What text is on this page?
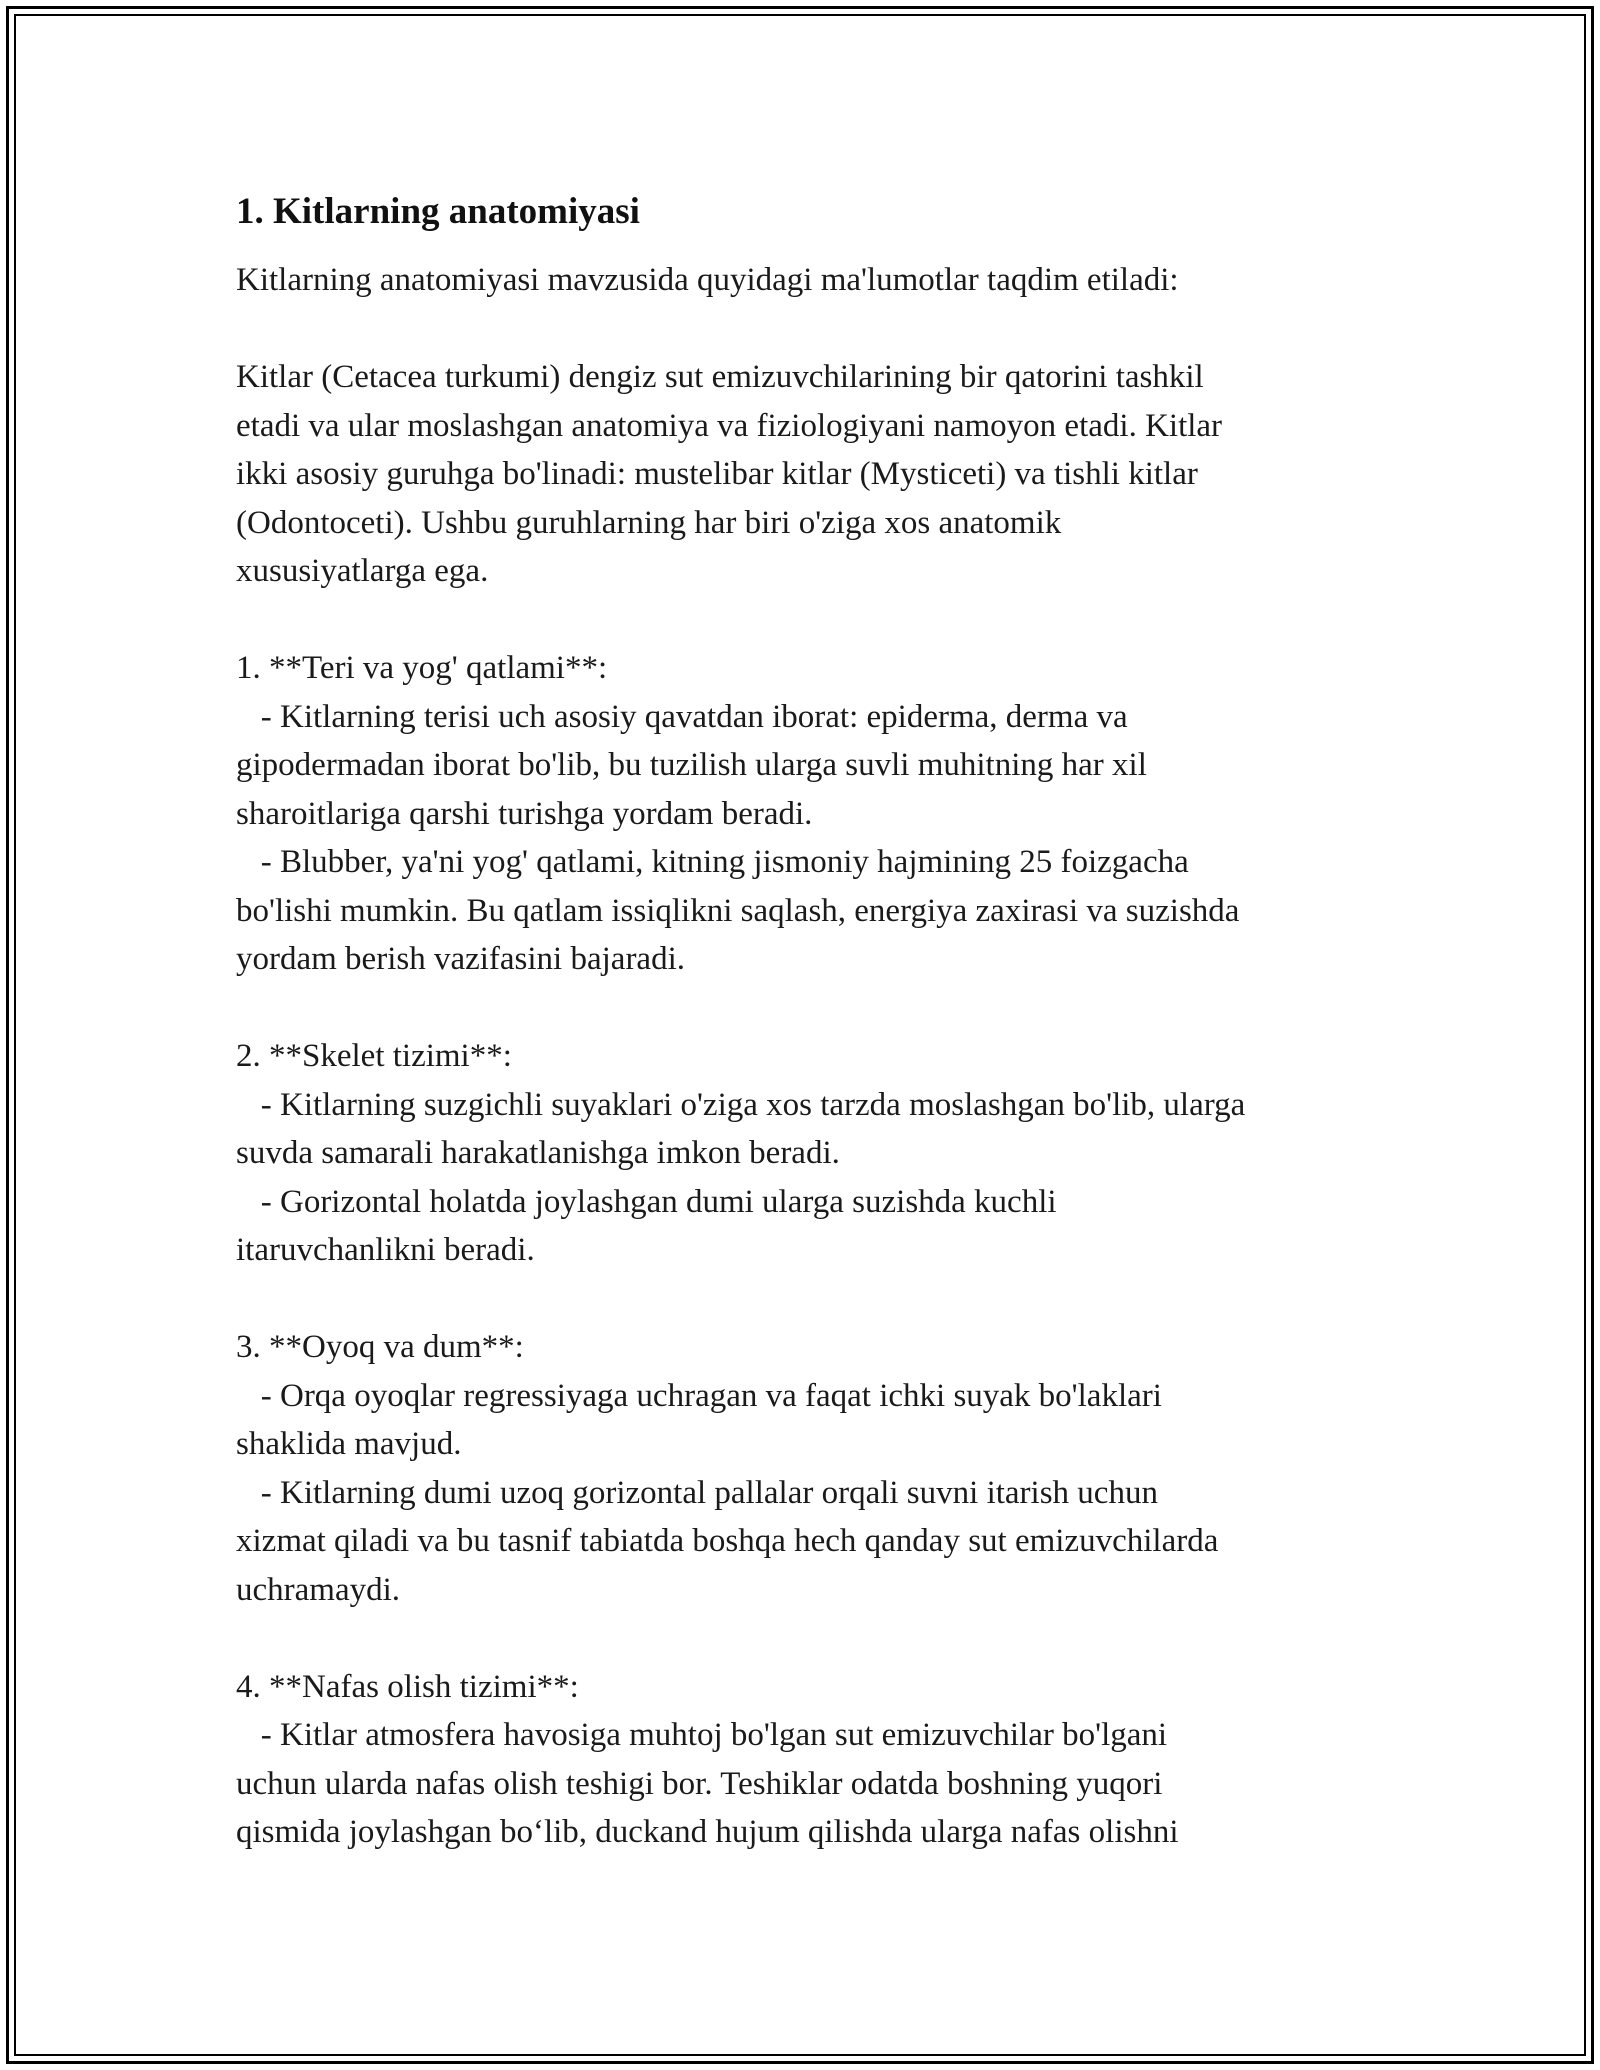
1. Kitlarning anatomiyasi

Kitlarning anatomiyasi mavzusida quyidagi ma'lumotlar taqdim etiladi:

Kitlar (Cetacea turkumi) dengiz sut emizuvchilarining bir qatorini tashkil
etadi va ular moslashgan anatomiya va fiziologiyani namoyon etadi. Kitlar
ikki asosiy guruhga bo'linadi: mustelibar kitlar (Mysticeti) va tishli kitlar
(Odontoceti). Ushbu guruhlarning har biri o'ziga xos anatomik
xususiyatlarga ega.

1. **Teri va yog' qatlami**:
- Kitlarning terisi uch asosiy qavatdan iborat: epiderma, derma va
gipodermadan iborat bo'lib, bu tuzilish ularga suvli muhitning har xil
sharoitlariga qarshi turishga yordam beradi.
- Blubber, ya'ni yog' qatlami, kitning jismoniy hajmining 25 foizgacha
bo'lishi mumkin. Bu qatlam issiqlikni saqlash, energiya zaxirasi va suzishda
yordam berish vazifasini bajaradi.

2. **Skelet tizimi**:
- Kitlarning suzgichli suyaklari o'ziga xos tarzda moslashgan bo'lib, ularga
suvda samarali harakatlanishga imkon beradi.
- Gorizontal holatda joylashgan dumi ularga suzishda kuchli
itaruvchanlikni beradi.

3. **Oyoq va dum**:
- Orqa oyoqlar regressiyaga uchragan va faqat ichki suyak bo'laklari
shaklida mavjud.
- Kitlarning dumi uzoq gorizontal pallalar orqali suvni itarish uchun
xizmat qiladi va bu tasnif tabiatda boshqa hech qanday sut emizuvchilarda
uchramaydi.

4. **Nafas olish tizimi**:
- Kitlar atmosfera havosiga muhtoj bo'lgan sut emizuvchilar bo'lgani
uchun ularda nafas olish teshigi bor. Teshiklar odatda boshning yuqori
qismida joylashgan bo‘lib, duckand hujum qilishda ularga nafas olishni
